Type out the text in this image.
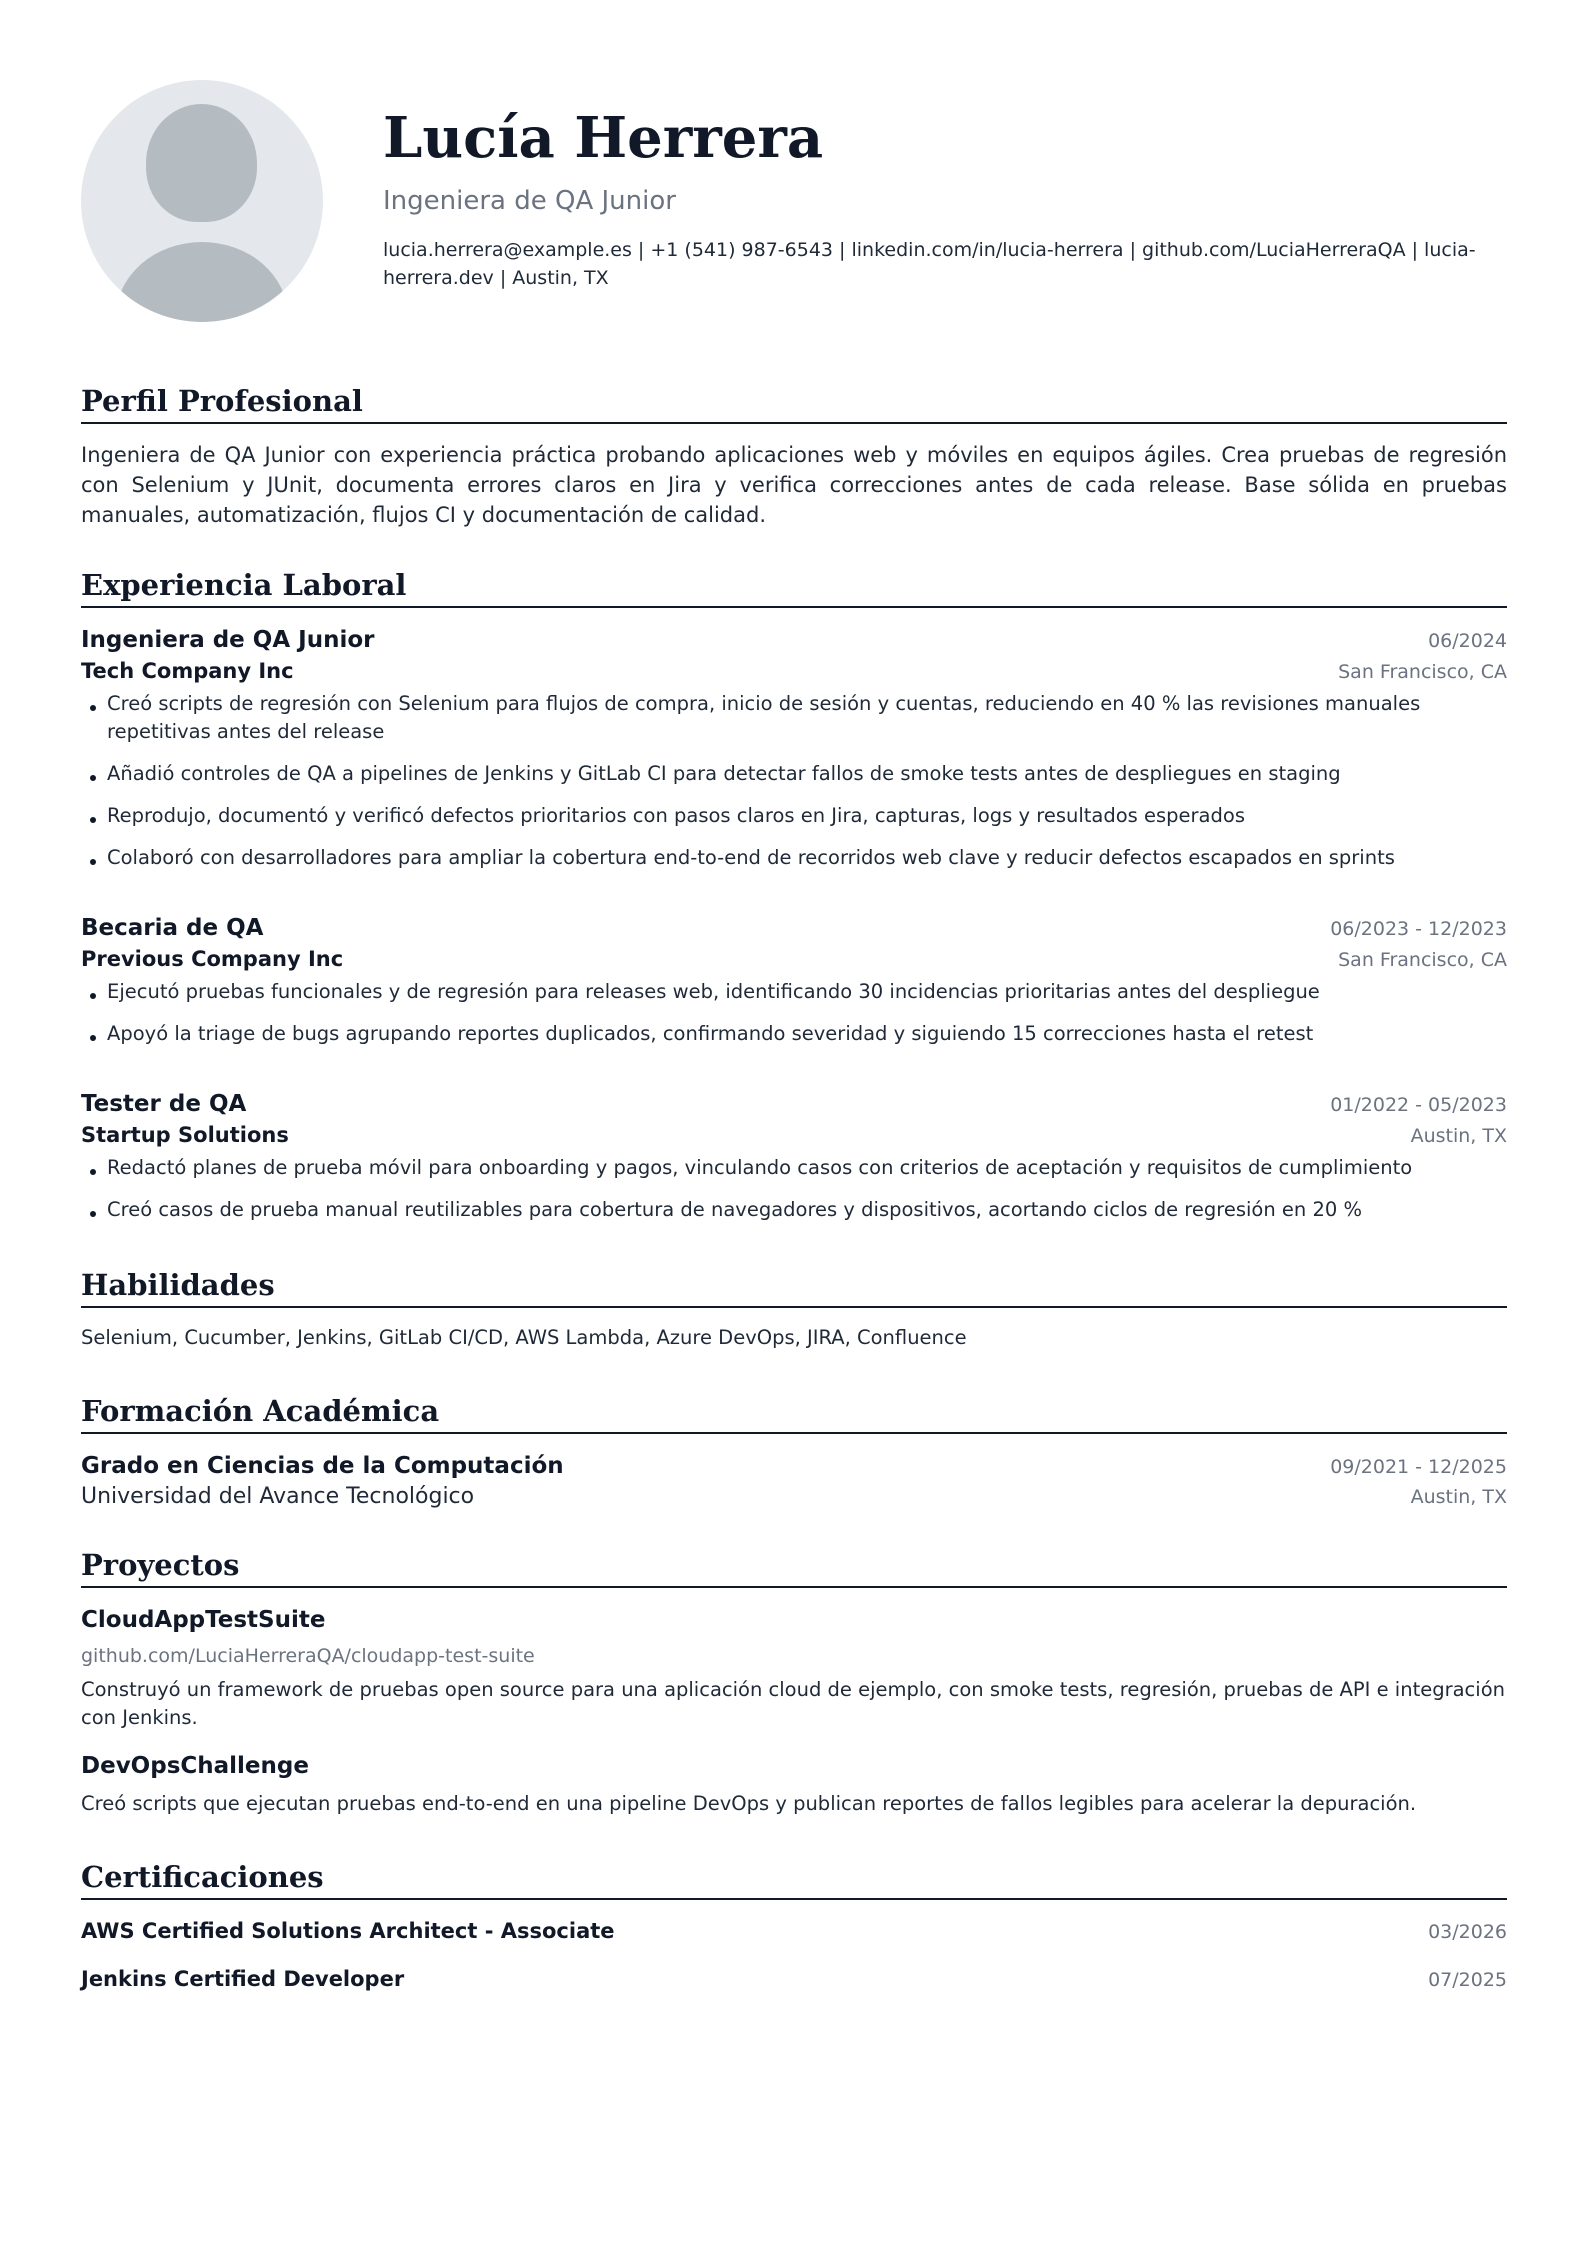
Lucía Herrera
Ingeniera de QA Junior
lucia.herrera@example.es | +1 (541) 987-6543 | linkedin.com/in/lucia-herrera | github.com/LuciaHerreraQA | lucia-herrera.dev | Austin, TX
Perfil Profesional
Ingeniera de QA Junior con experiencia práctica probando aplicaciones web y móviles en equipos ágiles. Crea pruebas de regresión con Selenium y JUnit, documenta errores claros en Jira y verifica correcciones antes de cada release. Base sólida en pruebas manuales, automatización, flujos CI y documentación de calidad.
Experiencia Laboral
Ingeniera de QA Junior	06/2024
Tech Company Inc	San Francisco, CA
Creó scripts de regresión con Selenium para flujos de compra, inicio de sesión y cuentas, reduciendo en 40 % las revisiones manuales repetitivas antes del release
Añadió controles de QA a pipelines de Jenkins y GitLab CI para detectar fallos de smoke tests antes de despliegues en staging
Reprodujo, documentó y verificó defectos prioritarios con pasos claros en Jira, capturas, logs y resultados esperados
Colaboró con desarrolladores para ampliar la cobertura end-to-end de recorridos web clave y reducir defectos escapados en sprints
Becaria de QA	06/2023 - 12/2023
Previous Company Inc	San Francisco, CA
Ejecutó pruebas funcionales y de regresión para releases web, identificando 30 incidencias prioritarias antes del despliegue
Apoyó la triage de bugs agrupando reportes duplicados, confirmando severidad y siguiendo 15 correcciones hasta el retest
Tester de QA	01/2022 - 05/2023
Startup Solutions	Austin, TX
Redactó planes de prueba móvil para onboarding y pagos, vinculando casos con criterios de aceptación y requisitos de cumplimiento
Creó casos de prueba manual reutilizables para cobertura de navegadores y dispositivos, acortando ciclos de regresión en 20 %
Habilidades
Selenium, Cucumber, Jenkins, GitLab CI/CD, AWS Lambda, Azure DevOps, JIRA, Confluence
Formación Académica
Grado en Ciencias de la Computación	09/2021 - 12/2025
Universidad del Avance Tecnológico	Austin, TX
Proyectos
CloudAppTestSuite
github.com/LuciaHerreraQA/cloudapp-test-suite
Construyó un framework de pruebas open source para una aplicación cloud de ejemplo, con smoke tests, regresión, pruebas de API e integración con Jenkins.
DevOpsChallenge
Creó scripts que ejecutan pruebas end-to-end en una pipeline DevOps y publican reportes de fallos legibles para acelerar la depuración.
Certificaciones
AWS Certified Solutions Architect - Associate	03/2026
Jenkins Certified Developer	07/2025
